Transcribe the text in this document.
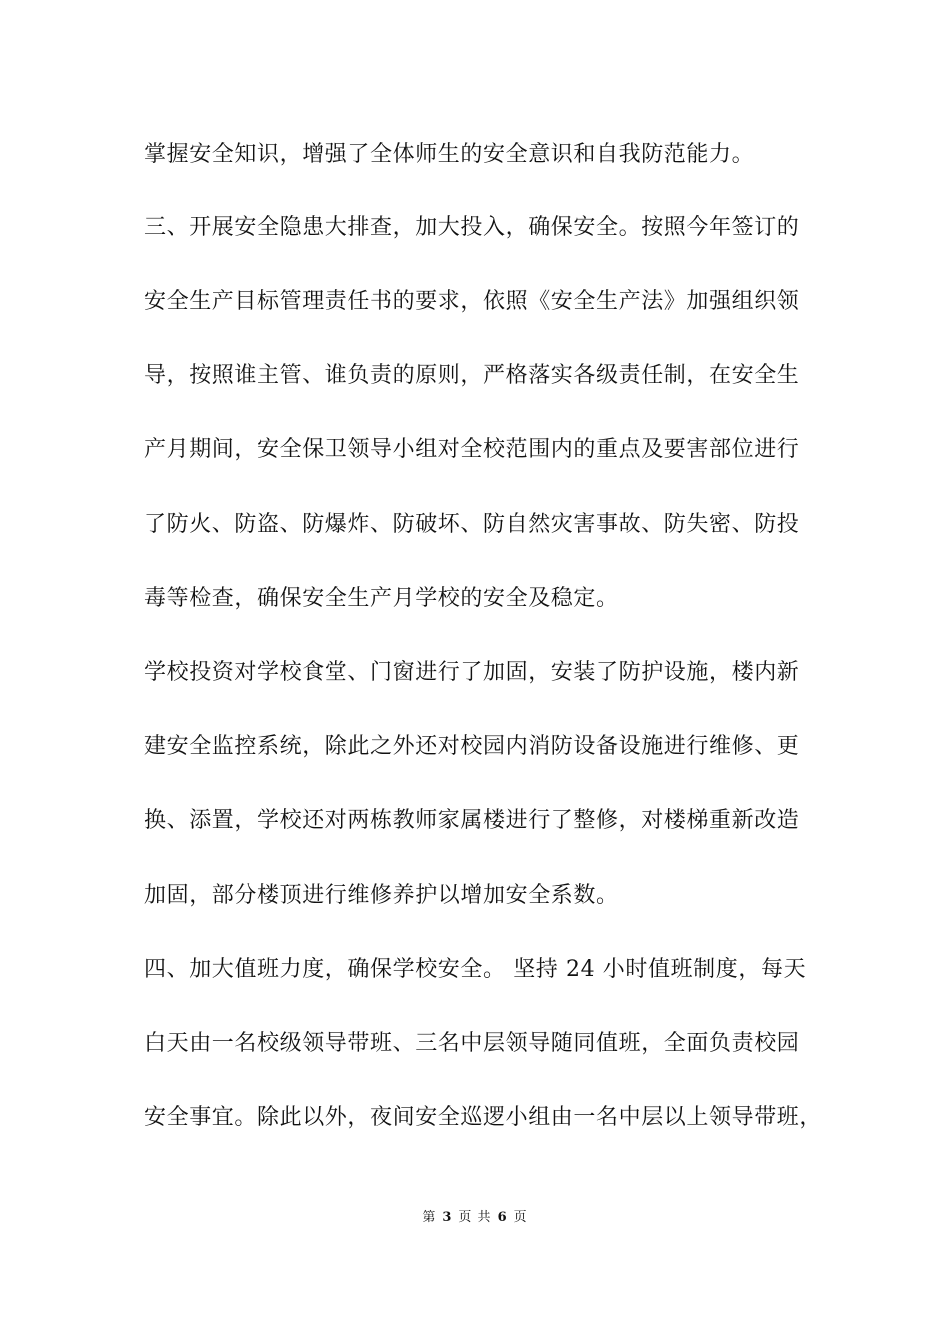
掌握安全知识，增强了全体师生的安全意识和自我防范能力。
三、开展安全隐患大排查，加大投入，确保安全。按照今年签订的
安全生产目标管理责任书的要求，依照《安全生产法》加强组织领
导，按照谁主管、谁负责的原则，严格落实各级责任制，在安全生
产月期间，安全保卫领导小组对全校范围内的重点及要害部位进行
了防火、防盗、防爆炸、防破坏、防自然灾害事故、防失密、防投
毒等检查，确保安全生产月学校的安全及稳定。
学校投资对学校食堂、门窗进行了加固，安装了防护设施，楼内新
建安全监控系统，除此之外还对校园内消防设备设施进行维修、更
换、添置，学校还对两栋教师家属楼进行了整修，对楼梯重新改造
加固，部分楼顶进行维修养护以增加安全系数。
四、加大值班力度，确保学校安全。 坚持 24 小时值班制度，每天
白天由一名校级领导带班、三名中层领导随同值班，全面负责校园
安全事宜。除此以外，夜间安全巡逻小组由一名中层以上领导带班，
第 3 页 共 6 页
